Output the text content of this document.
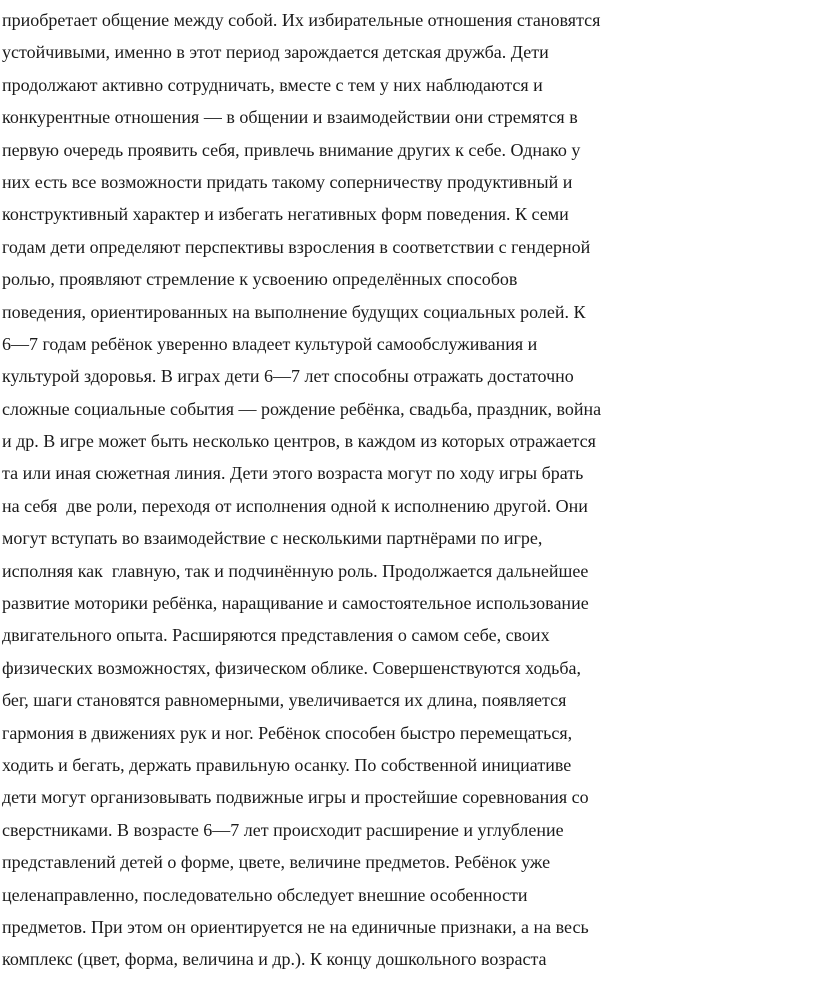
приобретает общение между собой. Их избирательные отношения становятся
устойчивыми, именно в этот период зарождается детская дружба. Дети
продолжают активно сотрудничать, вместе с тем у них наблюдаются и
конкурентные отношения — в общении и взаимодействии они стремятся в
первую очередь проявить себя, привлечь внимание других к себе. Однако у
них есть все возможности придать такому соперничеству продуктивный и
конструктивный характер и избегать негативных форм поведения. К семи
годам дети определяют перспективы взросления в соответствии с гендерной
ролью, проявляют стремление к усвоению определённых способов
поведения, ориентированных на выполнение будущих социальных ролей. К
6—7 годам ребёнок уверенно владеет культурой самообслуживания и
культурой здоровья. В играх дети 6—7 лет способны отражать достаточно
сложные социальные события — рождение ребёнка, свадьба, праздник, война
и др. В игре может быть несколько центров, в каждом из которых отражается
та или иная сюжетная линия. Дети этого возраста могут по ходу игры брать
на себя  две роли, переходя от исполнения одной к исполнению другой. Они
могут вступать во взаимодействие с несколькими партнёрами по игре,
исполняя как  главную, так и подчинённую роль. Продолжается дальнейшее
развитие моторики ребёнка, наращивание и самостоятельное использование
двигательного опыта. Расширяются представления о самом себе, своих
физических возможностях, физическом облике. Совершенствуются ходьба,
бег, шаги становятся равномерными, увеличивается их длина, появляется
гармония в движениях рук и ног. Ребёнок способен быстро перемещаться,
ходить и бегать, держать правильную осанку. По собственной инициативе
дети могут организовывать подвижные игры и простейшие соревнования со
сверстниками. В возрасте 6—7 лет происходит расширение и углубление
представлений детей о форме, цвете, величине предметов. Ребёнок уже
целенаправленно, последовательно обследует внешние особенности
предметов. При этом он ориентируется не на единичные признаки, а на весь
комплекс (цвет, форма, величина и др.). К концу дошкольного возраста
